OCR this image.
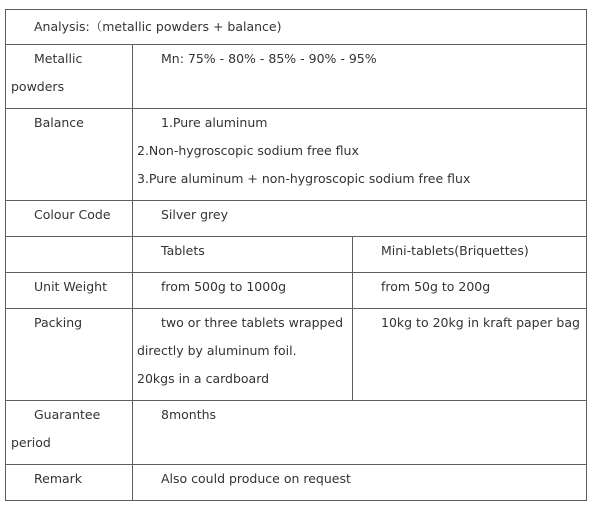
Analysis:（metallic powders + balance)		

Metallic powders	Mn: 75% - 80% - 85% - 90% - 95%	

Balance	1.Pure aluminum
2.Non-hygroscopic sodium free flux
3.Pure aluminum + non-hygroscopic sodium free flux	

Colour Code	Silver grey	

	Tablets	Mini-tablets(Briquettes)

Unit Weight	from 500g to 1000g	from 50g to 200g

Packing	two or three tablets wrapped
directly by aluminum foil.
20kgs in a cardboard	10kg to 20kg in kraft paper bag

Guarantee period	8months	

Remark	Also could produce on request	
